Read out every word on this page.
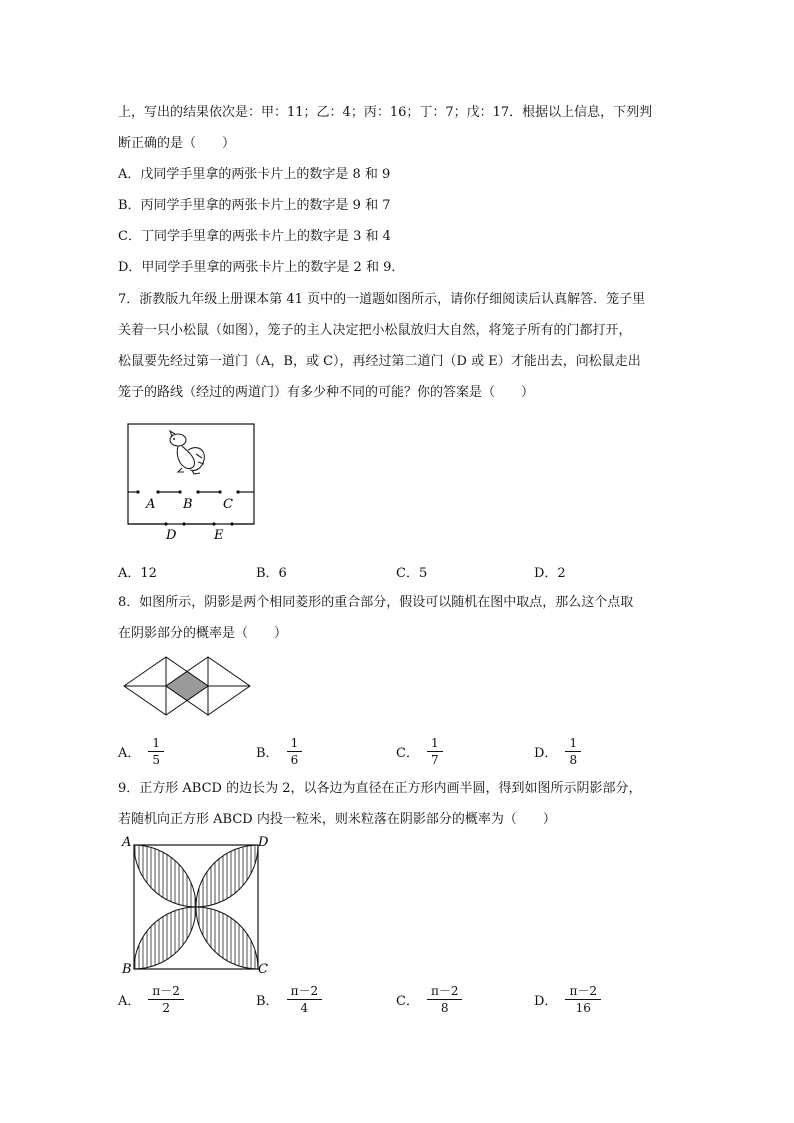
上，写出的结果依次是：甲：11；乙：4；丙：16；丁：7；戊：17．根据以上信息，下列判
断正确的是（　　）
A．戊同学手里拿的两张卡片上的数字是 8 和 9
B．丙同学手里拿的两张卡片上的数字是 9 和 7
C．丁同学手里拿的两张卡片上的数字是 3 和 4
D．甲同学手里拿的两张卡片上的数字是 2 和 9．
7．浙教版九年级上册课本第 41 页中的一道题如图所示，请你仔细阅读后认真解答．笼子里
关着一只小松鼠（如图），笼子的主人决定把小松鼠放归大自然，将笼子所有的门都打开，
松鼠要先经过第一道门（A，B，或 C），再经过第二道门（D 或 E）才能出去，问松鼠走出
笼子的路线（经过的两道门）有多少种不同的可能？你的答案是（　　）
A B C
D	E
A．12	B．6	C．5	D．2
8．如图所示，阴影是两个相同菱形的重合部分，假设可以随机在图中取点，那么这个点取
在阴影部分的概率是（　　）
A． $\frac{1}{5}$	B． $\frac{1}{6}$	C． $\frac{1}{7}$	D． $\frac{1}{8}$
9．正方形 ABCD 的边长为 2，以各边为直径在正方形内画半圆，得到如图所示阴影部分，
若随机向正方形 ABCD 内投一粒米，则米粒落在阴影部分的概率为（　　）
A	D
B	C
A． $\frac{\pi-2}{2}$	B． $\frac{\pi-2}{4}$	C． $\frac{\pi-2}{8}$	D． $\frac{\pi-2}{16}$
